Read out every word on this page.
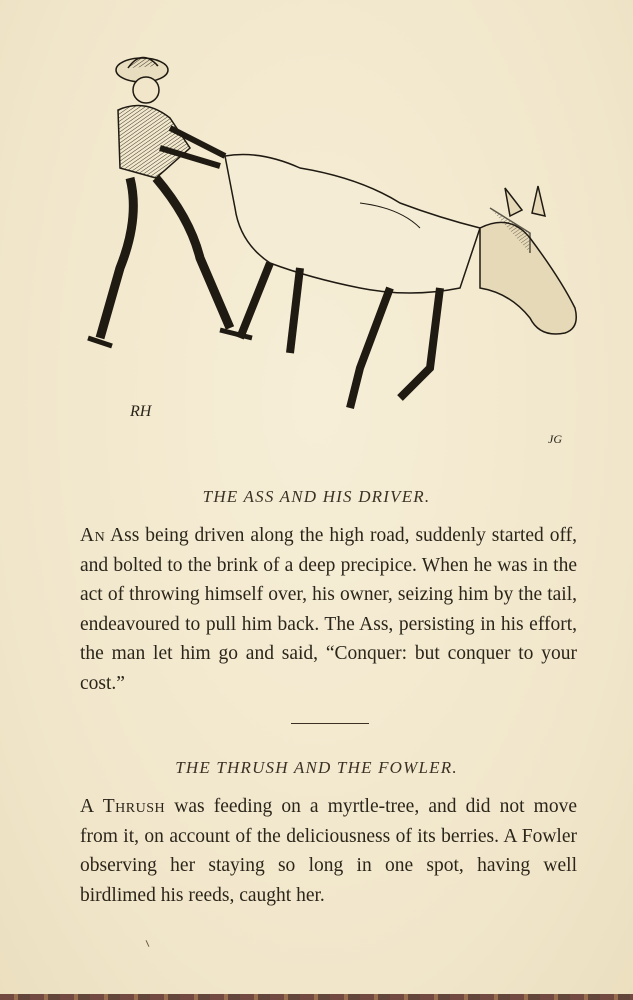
RH
JG
THE ASS AND HIS DRIVER.
An Ass being driven along the high road, suddenly started off, and bolted to the brink of a deep precipice. When he was in the act of throwing himself over, his owner, seizing him by the tail, endeavoured to pull him back. The Ass, persisting in his effort, the man let him go and said, “Conquer: but conquer to your cost.”
THE THRUSH AND THE FOWLER.
A Thrush was feeding on a myrtle-tree, and did not move from it, on account of the deliciousness of its berries. A Fowler observing her staying so long in one spot, having well birdlimed his reeds, caught her.
